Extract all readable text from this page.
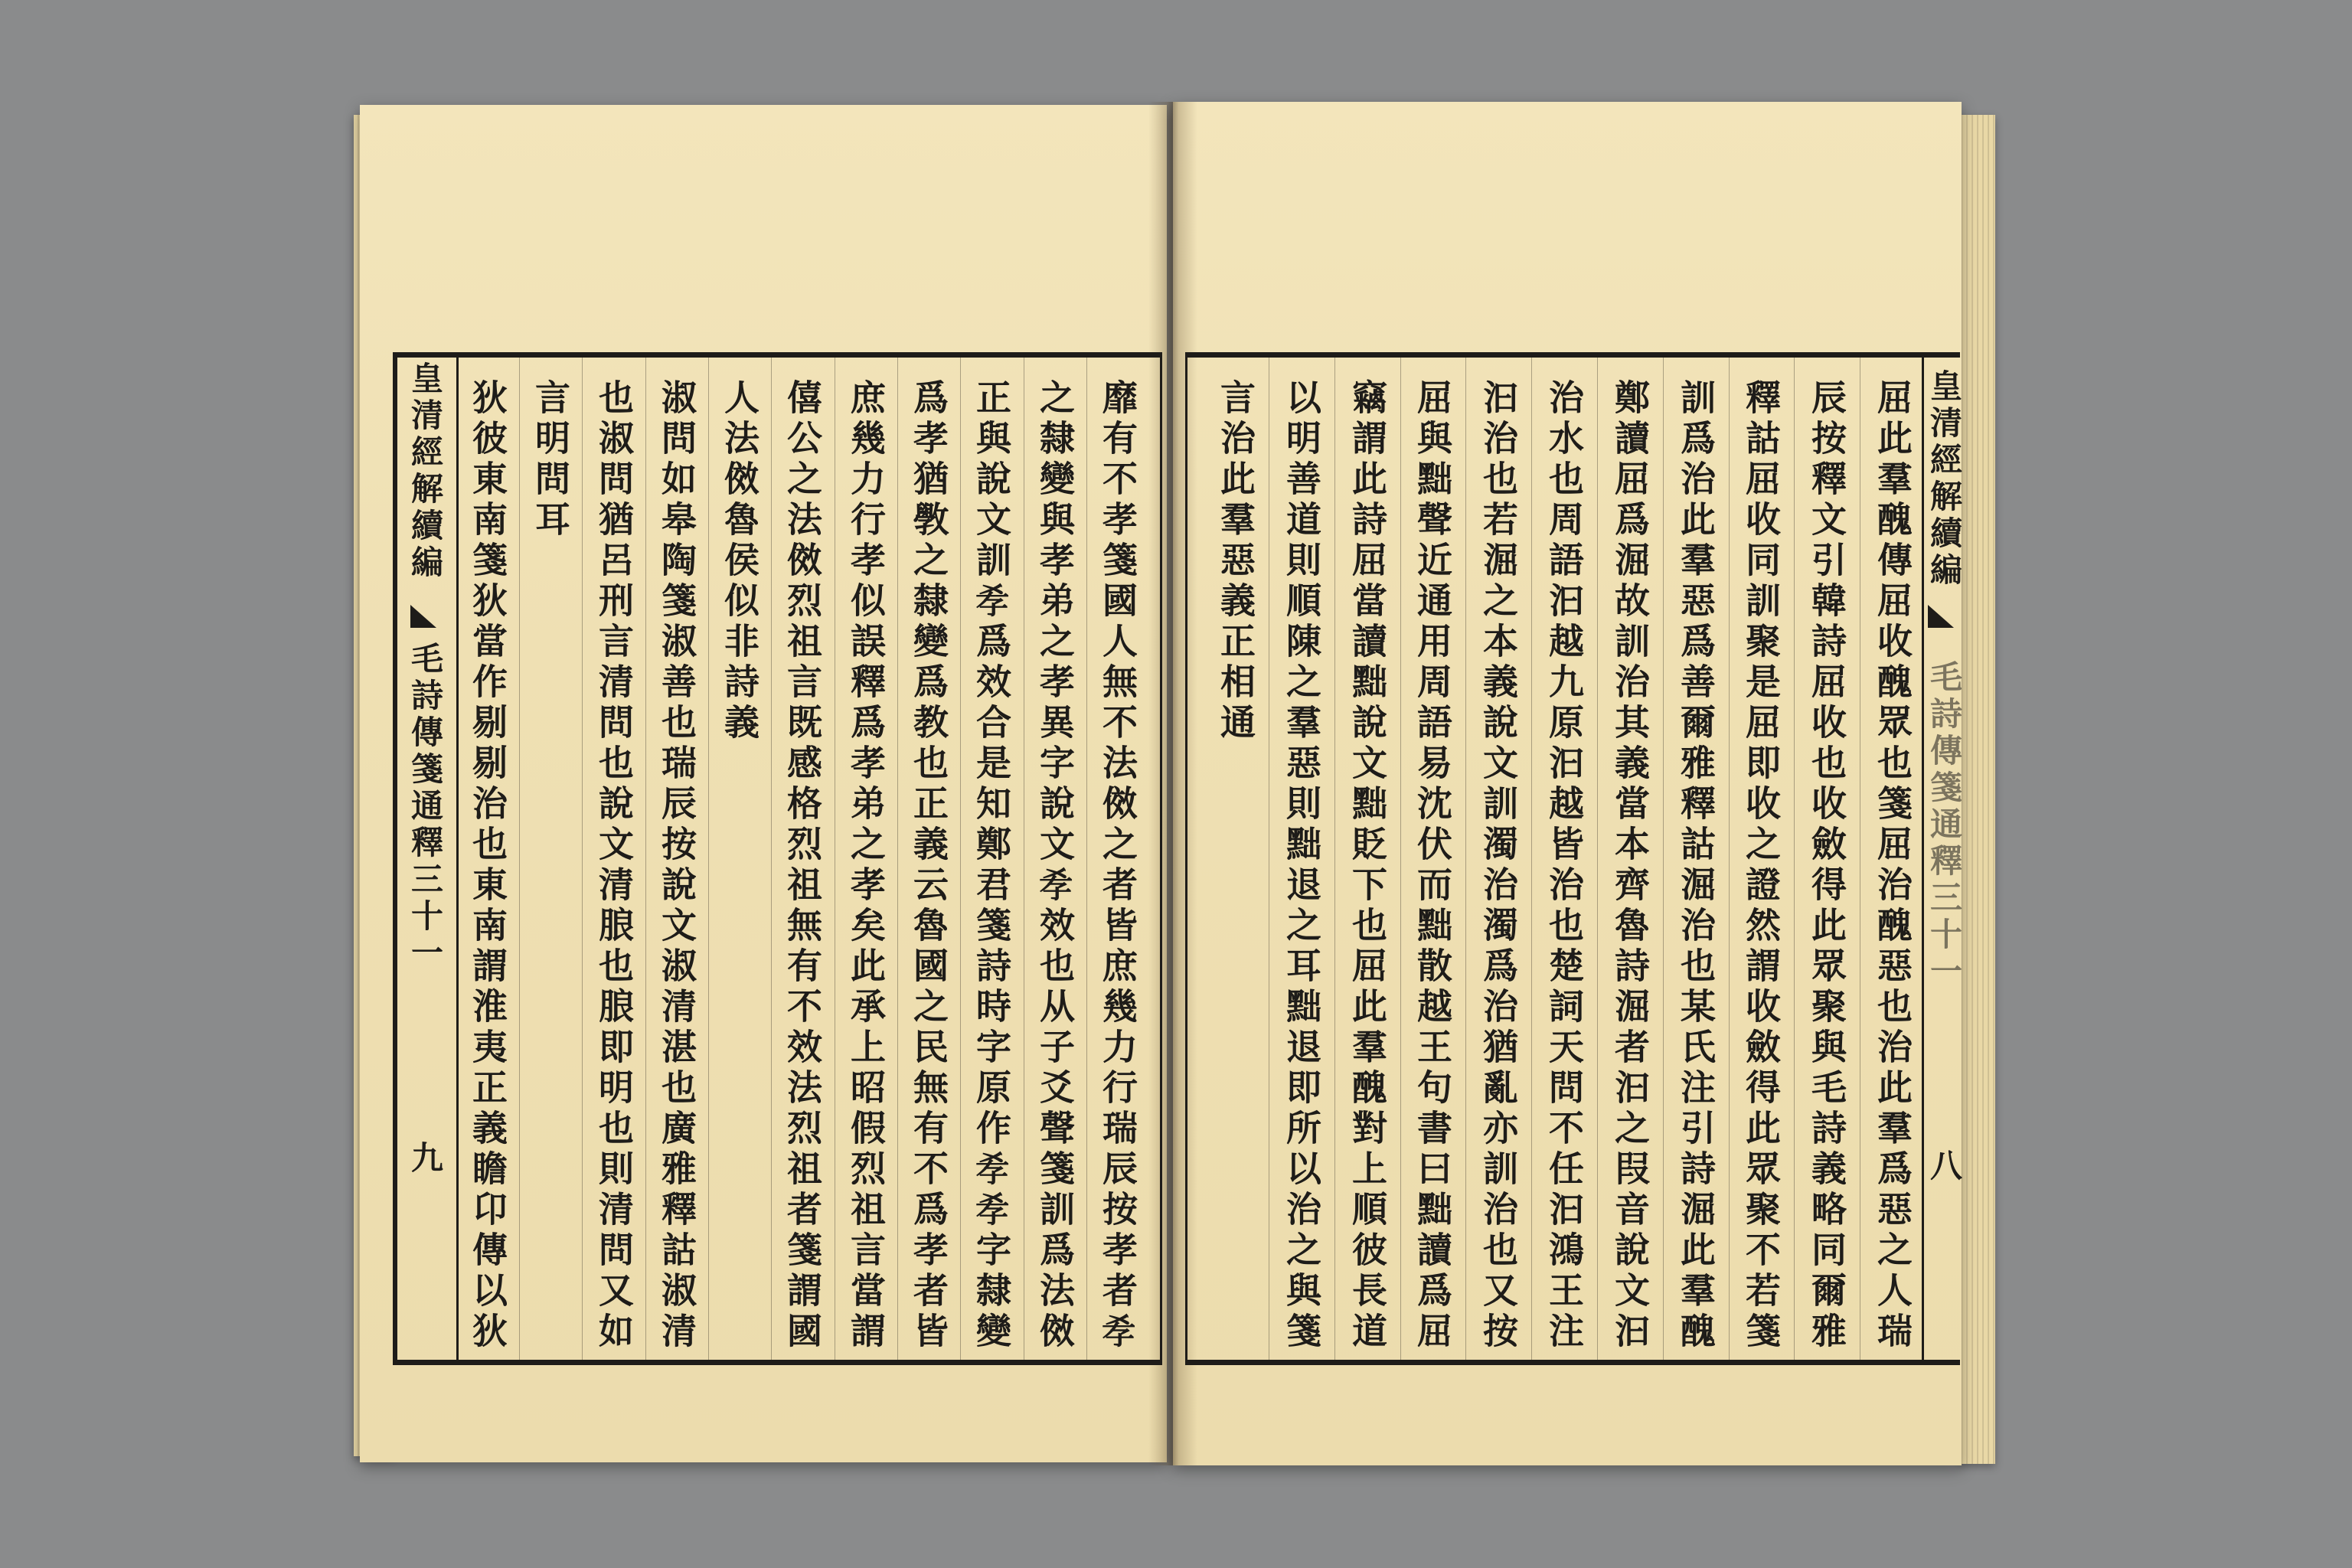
皇清經解續編
毛詩傳箋通釋三十一
九
皇清經解續編
毛詩傳箋通釋三十一
八
屈此羣醜傳屈收醜眾也箋屈治醜惡也治此羣爲惡之人瑞
辰按釋文引韓詩屈收也收斂得此眾聚與毛詩義略同爾雅
釋詁屈收同訓聚是屈即收之證然謂收斂得此眾聚不若箋
訓爲治此羣惡爲善爾雅釋詁淈治也某氏注引詩淈此羣醜
鄭讀屈爲淈故訓治其義當本齊魯詩淈者汩之叚音說文汩
治水也周語汩越九原汩越皆治也楚詞天問不任汩鴻王注
汩治也若淈之本義說文訓濁治濁爲治猶亂亦訓治也又按
屈與黜聲近通用周語易沈伏而黜散越王句書曰黜讀爲屈
竊謂此詩屈當讀黜說文黜貶下也屈此羣醜對上順彼長道
以明善道則順陳之羣惡則黜退之耳黜退即所以治之與箋
言治此羣惡義正相通
靡有不孝箋國人無不法傚之者皆庶幾力行瑞辰按孝者𡥉
之隸變與孝弟之孝異字說文𡥉效也从子爻聲箋訓爲法傚
正與說文訓𡥉爲效合是知鄭君箋詩時字原作𡥉𡥉字隸變
爲孝猶斆之隸變爲教也正義云魯國之民無有不爲孝者皆
庶幾力行孝似誤釋爲孝弟之孝矣此承上昭假烈祖言當謂
僖公之法傚烈祖言既感格烈祖無有不效法烈祖者箋謂國
人法傚魯侯似非詩義
淑問如皋陶箋淑善也瑞辰按說文淑清湛也廣雅釋詁淑清
也淑問猶呂刑言清問也說文清朖也朖即明也則清問又如
言明問耳
狄彼東南箋狄當作剔剔治也東南謂淮夷正義瞻卬傳以狄
